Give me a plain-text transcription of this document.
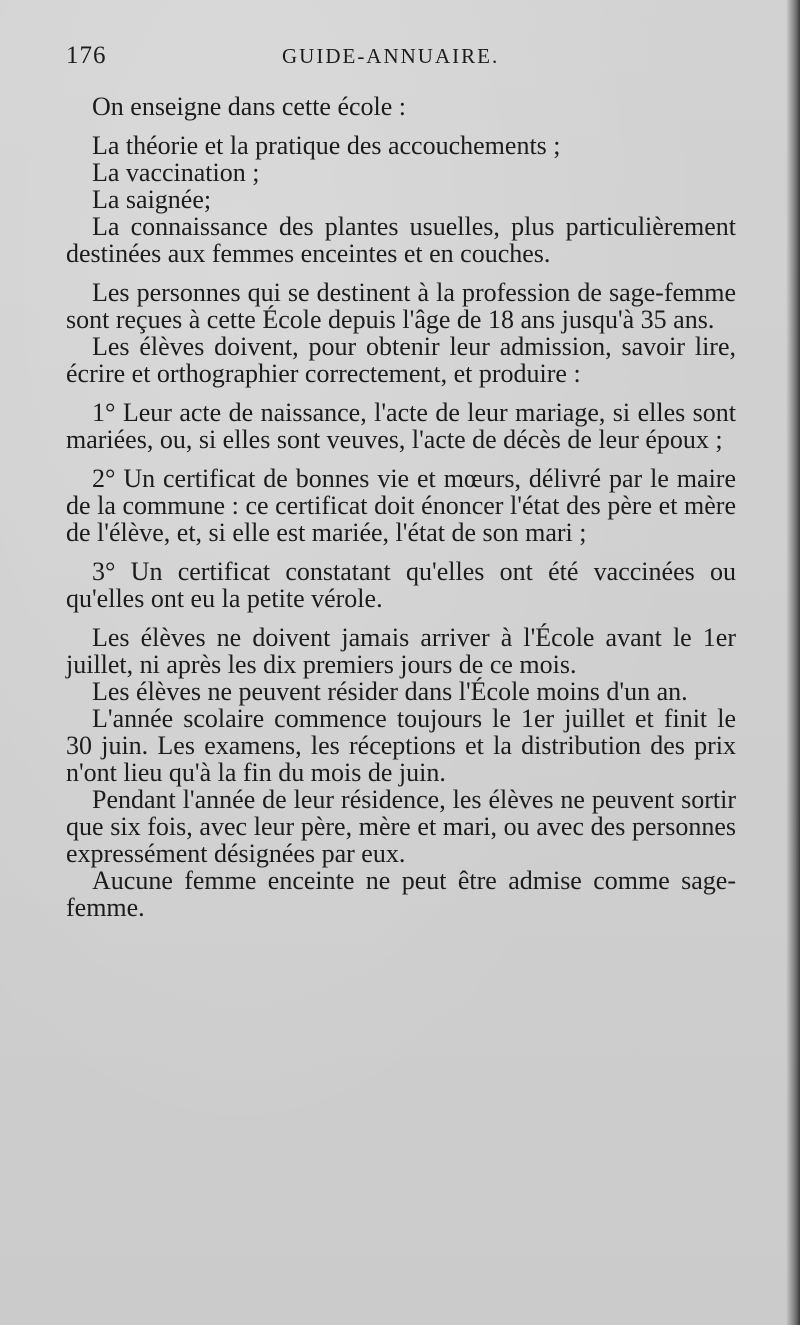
176	GUIDE-ANNUAIRE.

On enseigne dans cette école :

La théorie et la pratique des accouchements ;

La vaccination ;

La saignée;

La connaissance des plantes usuelles, plus particulièrement destinées aux femmes enceintes et en couches.

Les personnes qui se destinent à la profession de sage-femme sont reçues à cette École depuis l'âge de 18 ans jusqu'à 35 ans.

Les élèves doivent, pour obtenir leur admission, savoir lire, écrire et orthographier correctement, et produire :

1° Leur acte de naissance, l'acte de leur mariage, si elles sont mariées, ou, si elles sont veuves, l'acte de décès de leur époux ;

2° Un certificat de bonnes vie et mœurs, délivré par le maire de la commune : ce certificat doit énoncer l'état des père et mère de l'élève, et, si elle est mariée, l'état de son mari ;

3° Un certificat constatant qu'elles ont été vaccinées ou qu'elles ont eu la petite vérole.

Les élèves ne doivent jamais arriver à l'École avant le 1er juillet, ni après les dix premiers jours de ce mois.

Les élèves ne peuvent résider dans l'École moins d'un an.

L'année scolaire commence toujours le 1er juillet et finit le 30 juin. Les examens, les réceptions et la distribution des prix n'ont lieu qu'à la fin du mois de juin.

Pendant l'année de leur résidence, les élèves ne peuvent sortir que six fois, avec leur père, mère et mari, ou avec des personnes expressément désignées par eux.

Aucune femme enceinte ne peut être admise comme sage-femme.
